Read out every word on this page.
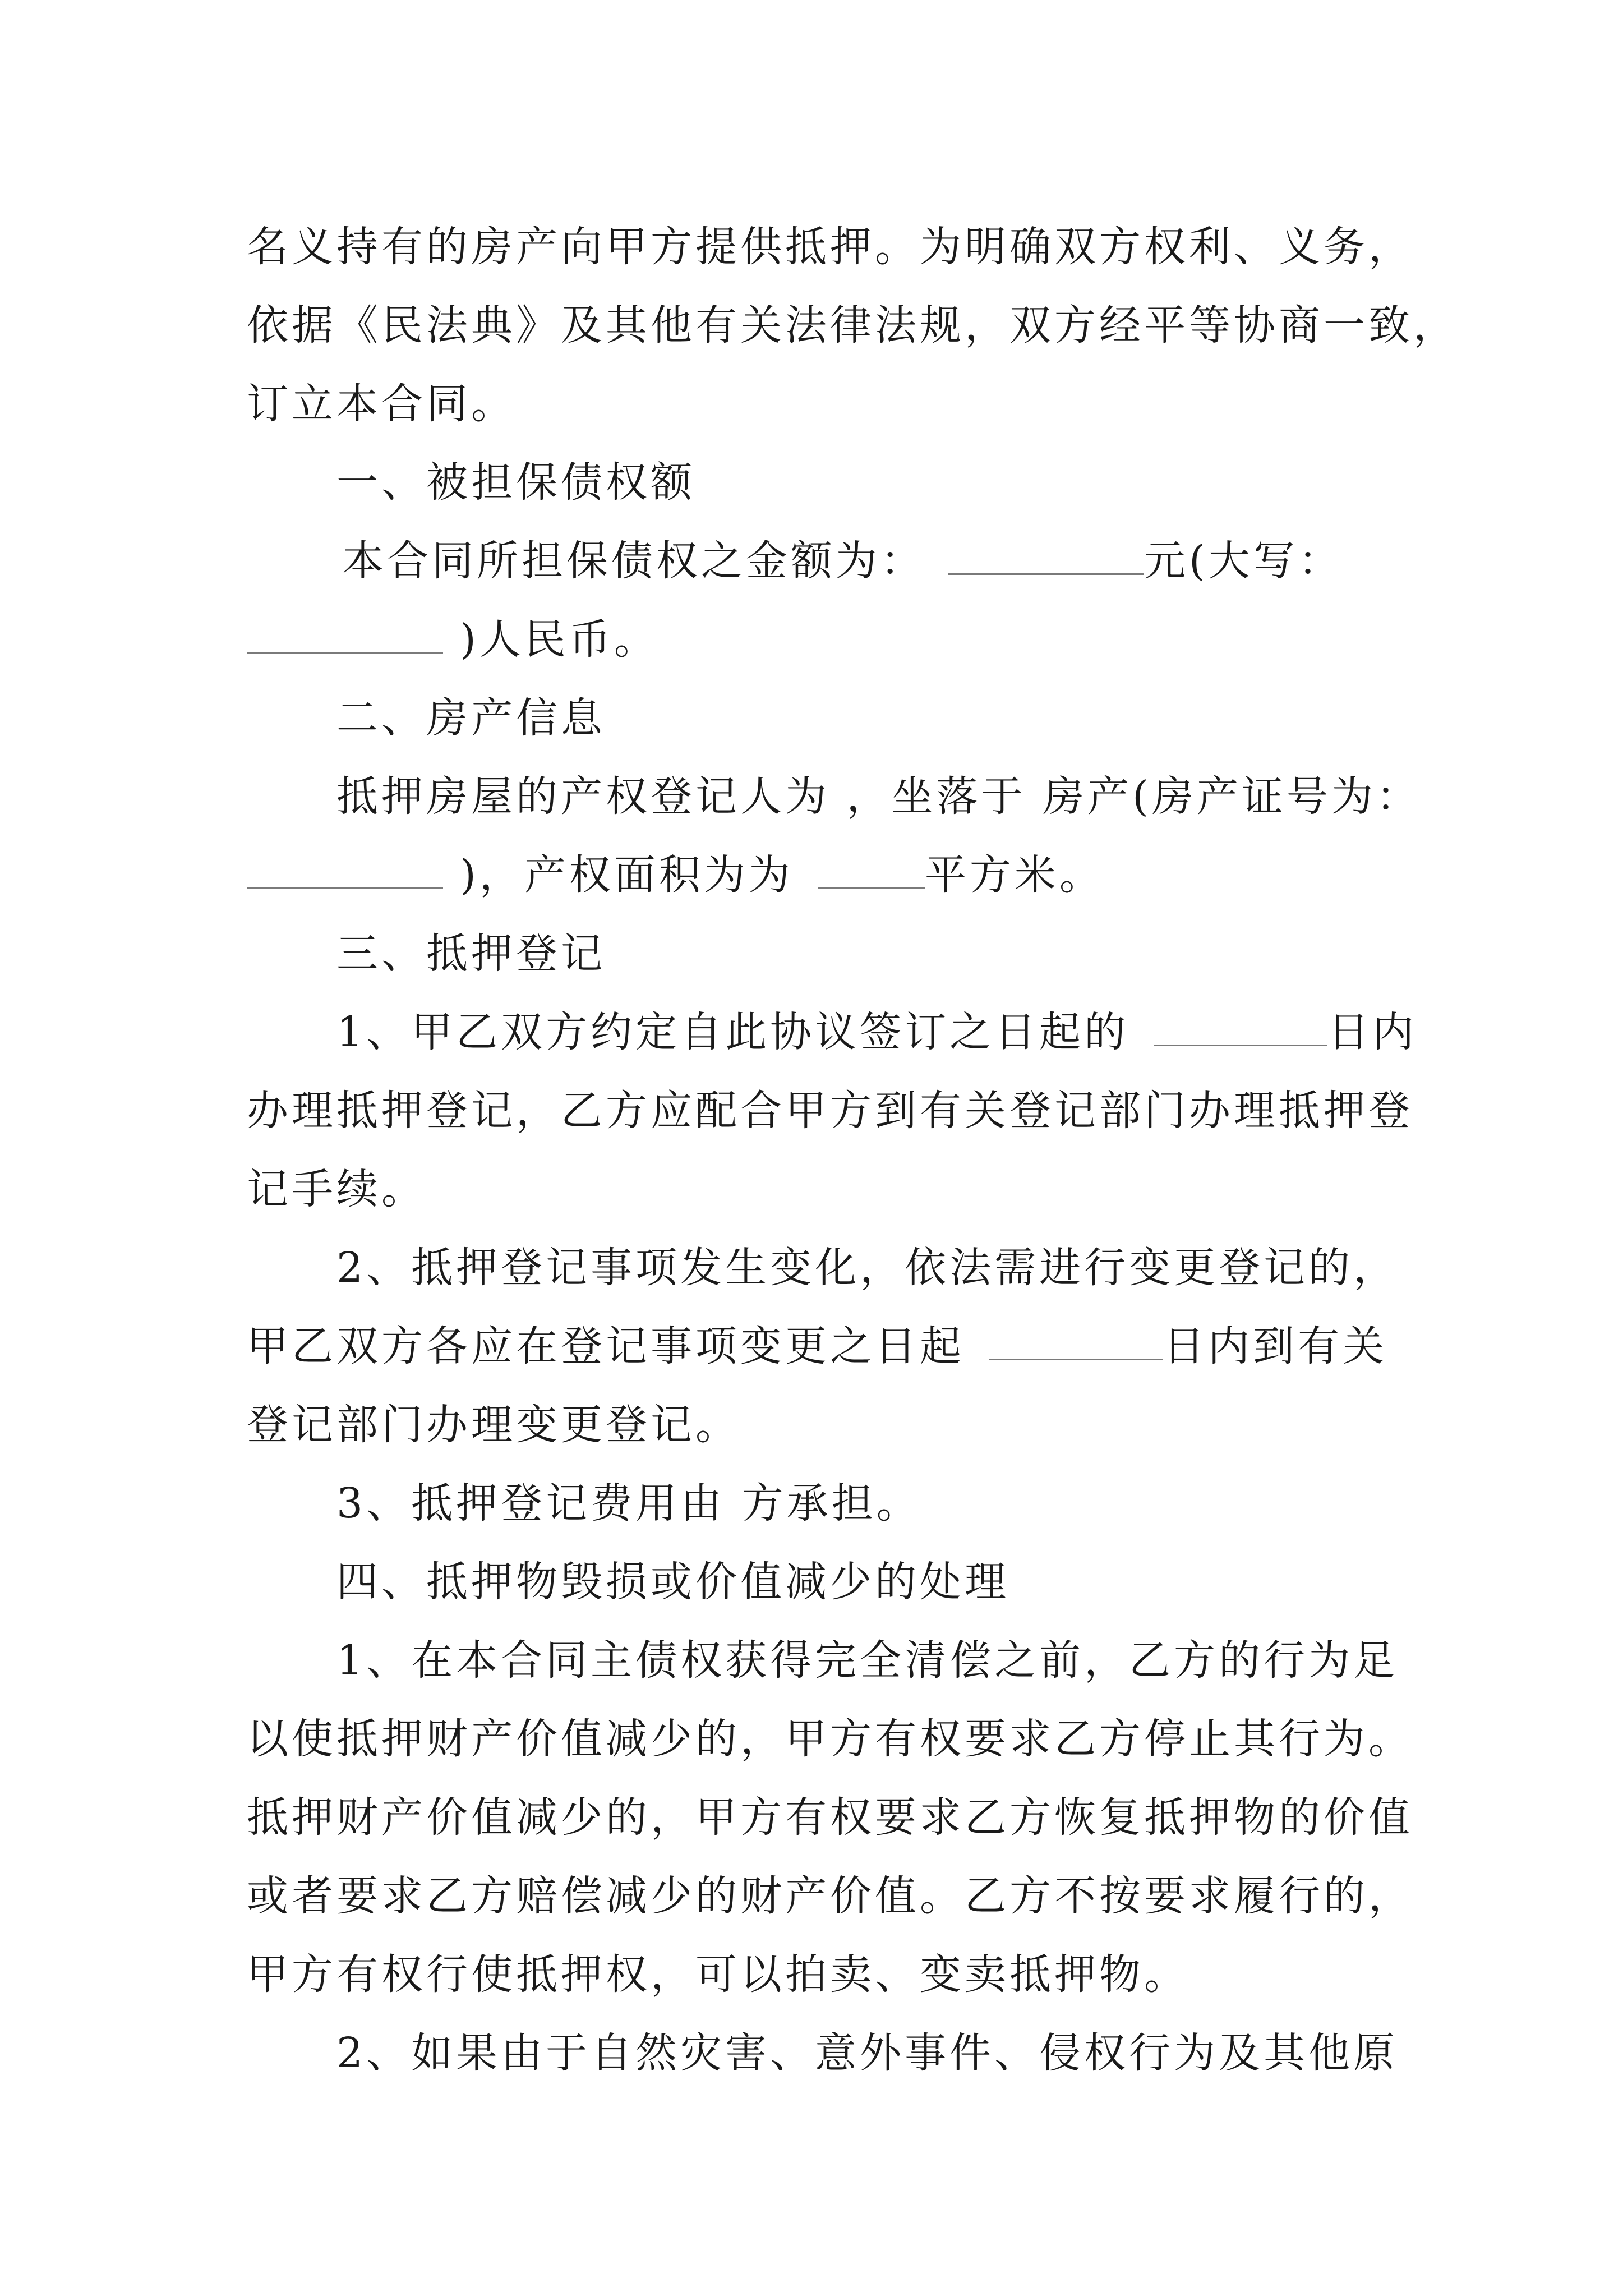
名义持有的房产向甲方提供抵押。为明确双方权利、义务，
依据《民法典》及其他有关法律法规，双方经平等协商一致，
订立本合同。
一、被担保债权额
本合同所担保债权之金额为：	元(大写：
)人民币。
二、房产信息
抵押房屋的产权登记人为 ，坐落于 房产(房产证号为：
)，产权面积为为	平方米。
三、抵押登记
1、甲乙双方约定自此协议签订之日起的	日内
办理抵押登记，乙方应配合甲方到有关登记部门办理抵押登
记手续。
2、抵押登记事项发生变化，依法需进行变更登记的，
甲乙双方各应在登记事项变更之日起	日内到有关
登记部门办理变更登记。
3、抵押登记费用由 方承担。
四、抵押物毁损或价值减少的处理
1、在本合同主债权获得完全清偿之前，乙方的行为足
以使抵押财产价值减少的，甲方有权要求乙方停止其行为。
抵押财产价值减少的，甲方有权要求乙方恢复抵押物的价值
或者要求乙方赔偿减少的财产价值。乙方不按要求履行的，
甲方有权行使抵押权，可以拍卖、变卖抵押物。
2、如果由于自然灾害、意外事件、侵权行为及其他原
